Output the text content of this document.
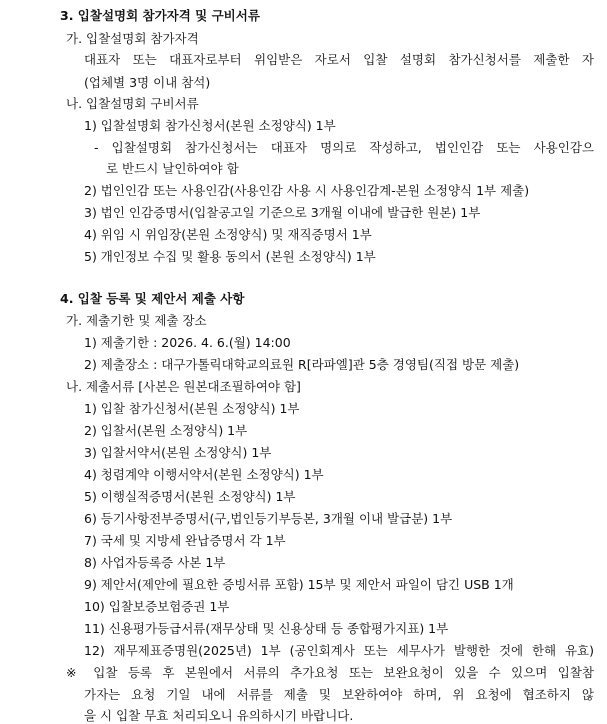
3. 입찰설명회 참가자격 및 구비서류
가. 입찰설명회 참가자격
대표자 또는 대표자로부터 위임받은 자로서 입찰 설명회 참가신청서를 제출한 자
(업체별 3명 이내 참석)
나. 입찰설명회 구비서류
1) 입찰설명회 참가신청서(본원 소정양식) 1부
- 입찰설명회 참가신청서는 대표자 명의로 작성하고, 법인인감 또는 사용인감으
로 반드시 날인하여야 함
2) 법인인감 또는 사용인감(사용인감 사용 시 사용인감계-본원 소정양식 1부 제출)
3) 법인 인감증명서(입찰공고일 기준으로 3개월 이내에 발급한 원본) 1부
4) 위임 시 위임장(본원 소정양식) 및 재직증명서 1부
5) 개인정보 수집 및 활용 동의서 (본원 소정양식) 1부
4. 입찰 등록 및 제안서 제출 사항
가. 제출기한 및 제출 장소
1) 제출기한 : 2026. 4. 6.(월) 14:00
2) 제출장소 : 대구가톨릭대학교의료원 R[라파엘]관 5층 경영팀(직접 방문 제출)
나. 제출서류 [사본은 원본대조필하여야 함]
1) 입찰 참가신청서(본원 소정양식) 1부
2) 입찰서(본원 소정양식) 1부
3) 입찰서약서(본원 소정양식) 1부
4) 청렴계약 이행서약서(본원 소정양식) 1부
5) 이행실적증명서(본원 소정양식) 1부
6) 등기사항전부증명서(구,법인등기부등본, 3개월 이내 발급분) 1부
7) 국세 및 지방세 완납증명서 각 1부
8) 사업자등록증 사본 1부
9) 제안서(제안에 필요한 증빙서류 포함) 15부 및 제안서 파일이 담긴 USB 1개
10) 입찰보증보험증권 1부
11) 신용평가등급서류(재무상태 및 신용상태 등 종합평가지표) 1부
12) 재무제표증명원(2025년) 1부 (공인회계사 또는 세무사가 발행한 것에 한해 유효)
※ 입찰 등록 후 본원에서 서류의 추가요청 또는 보완요청이 있을 수 있으며 입찰참
가자는 요청 기일 내에 서류를 제출 및 보완하여야 하며, 위 요청에 협조하지 않
을 시 입찰 무효 처리되오니 유의하시기 바랍니다.
